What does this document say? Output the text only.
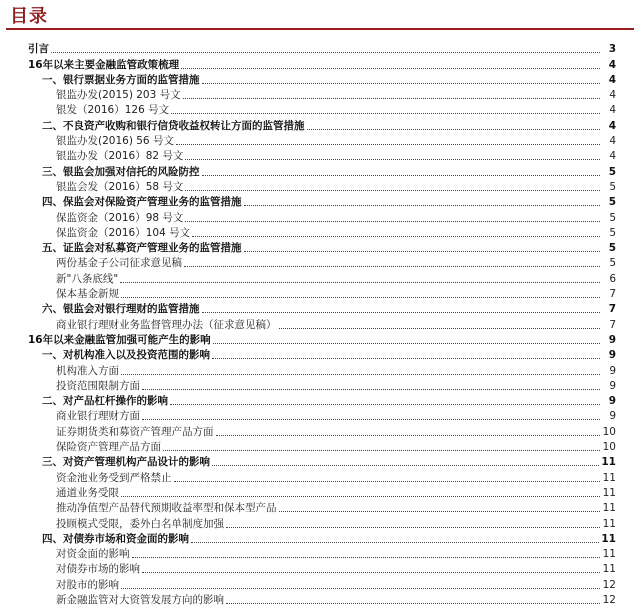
目录
引言	3
16年以来主要金融监管政策梳理	4
一、银行票据业务方面的监管措施	4
银监办发(2015) 203 号文	4
银发（2016）126 号文	4
二、不良资产收购和银行信贷收益权转让方面的监管措施	4
银监办发(2016) 56 号文	4
银监办发（2016）82 号文	4
三、银监会加强对信托的风险防控	5
银监会发（2016）58 号文	5
四、保监会对保险资产管理业务的监管措施	5
保监资金（2016）98 号文	5
保监资金（2016）104 号文	5
五、证监会对私募资产管理业务的监管措施	5
两份基金子公司征求意见稿	5
新"八条底线"	6
保本基金新规	7
六、银监会对银行理财的监管措施	7
商业银行理财业务监督管理办法（征求意见稿）	7
16年以来金融监管加强可能产生的影响	9
一、对机构准入以及投资范围的影响	9
机构准入方面	9
投资范围限制方面	9
二、对产品杠杆操作的影响	9
商业银行理财方面	9
证券期货类和募资产管理产品方面	10
保险资产管理产品方面	10
三、对资产管理机构产品设计的影响	11
资金池业务受到严格禁止	11
通道业务受限	11
推动净值型产品替代预期收益率型和保本型产品	11
投顾模式受限，委外白名单制度加强	11
四、对债券市场和资金面的影响	11
对资金面的影响	11
对债券市场的影响	11
对股市的影响	12
新金融监管对大资管发展方向的影响	12
